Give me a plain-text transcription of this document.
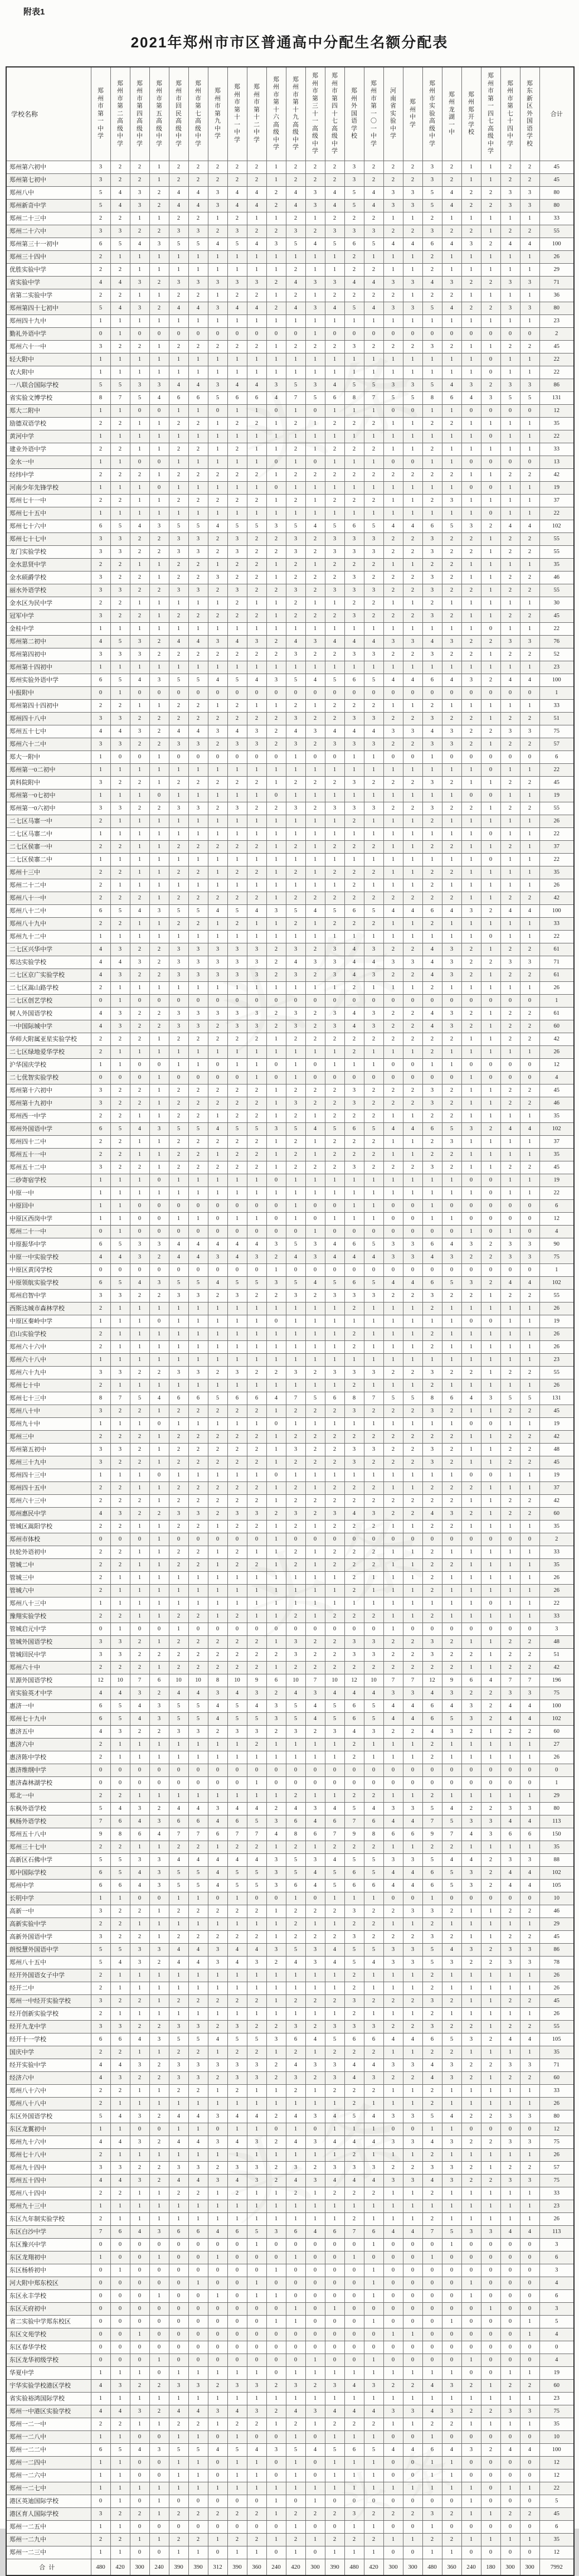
附表1
2021年郑州市市区普通高中分配生名额分配表
学校名称	郑州市第一中学	郑州市第二高级中学	郑州市第四高级中学	郑州市第五高级中学	郑州市回民高级中学	郑州市第七高级中学	郑州市第九中学	郑州市第十一中学	郑州市第十二中学	郑州市第十六高级中学	郑州市第十九高级中学	郑州市第三十一高级中学	郑州市第四十七高级中学	郑州外国语学校	郑州市第一〇一中学	河南省实验中学	郑州中学	郑州市实验高级中学	郑州龙湖一中	郑州郑开学校	郑州市第一四七高级中学	郑州市第七十四中学	郑东新区外国语学校	合计
郑州第六初中	3	2	2	1	2	2	2	2	2	1	2	2	2	3	2	2	2	3	2	1	1	2	2	45
郑州第七初中	3	2	2	1	2	2	2	2	2	1	2	2	2	3	2	2	2	3	2	1	1	2	2	45
郑州八中	5	4	3	2	4	4	3	4	4	2	4	3	4	5	4	3	3	5	4	2	2	3	3	80
郑州新奇中学	5	4	3	2	4	4	3	4	4	2	4	3	4	5	4	3	3	5	4	2	2	3	3	80
郑州二十三中	2	2	1	1	2	2	1	2	1	1	2	1	2	2	2	1	1	2	1	1	1	1	1	33
郑州二十六中	3	3	2	2	3	3	2	3	2	2	3	2	3	3	3	2	2	3	2	2	1	2	2	55
郑州第三十一初中	6	5	4	3	5	5	4	5	4	3	5	4	5	6	5	4	4	6	4	3	2	4	4	100
郑州三十四中	2	1	1	1	1	1	1	1	1	1	1	1	1	2	1	1	1	2	1	1	1	1	1	26
优胜实验中学	2	2	1	1	1	1	1	1	1	1	2	1	1	2	2	1	1	2	1	1	1	1	1	29
省实验中学	4	4	3	2	3	3	3	3	3	2	4	3	3	4	4	3	3	4	3	2	2	3	3	71
省第二实验中学	2	2	1	1	2	2	1	2	2	1	2	1	2	2	2	2	1	2	2	1	1	1	1	36
郑州第四十七初中	5	4	3	2	4	4	3	4	4	2	4	3	4	5	4	3	3	5	4	2	2	3	3	80
郑州四十九中	1	1	1	1	1	1	1	1	1	1	1	1	1	1	1	1	1	1	1	1	1	1	1	23
勤礼外语中学	0	1	0	0	0	0	0	0	0	0	0	1	0	0	0	0	0	0	0	0	0	0	0	2
郑州六十一中	3	2	2	1	2	2	2	2	2	1	2	2	2	3	2	2	2	3	2	1	1	2	2	45
轻大附中	1	1	1	1	1	1	1	1	1	1	1	1	1	1	1	1	1	1	1	1	0	1	1	22
农大附中	1	1	1	1	1	1	1	1	1	1	1	1	1	1	1	1	1	1	1	1	0	1	1	22
一八联合国际学校	5	5	3	3	4	4	3	4	4	3	5	3	4	5	5	3	3	5	4	3	2	3	3	86
省实验文博学校	8	7	5	4	6	6	5	6	6	4	7	5	6	8	7	5	5	8	6	4	3	5	5	131
郑大二附中	1	1	0	0	1	1	0	1	1	0	1	0	1	1	1	0	0	1	1	0	0	0	0	12
励德双语学校	2	2	1	1	2	2	1	2	2	1	2	1	2	2	2	1	1	2	2	1	1	1	1	35
黄河中学	1	1	1	1	1	1	1	1	1	1	1	1	1	1	1	1	1	1	1	1	0	1	1	22
建业外语中学	2	2	1	1	2	2	1	2	1	1	2	1	2	2	2	1	1	2	1	1	1	1	1	33
金水一中	1	1	0	0	1	1	1	1	1	0	1	0	1	1	1	0	0	1	1	0	0	0	0	13
经纬中学	2	2	2	1	2	2	2	2	2	1	2	2	2	2	2	2	2	2	2	1	1	2	2	42
河南少年先锋学校	1	1	1	0	1	1	1	1	1	0	1	1	1	1	1	1	1	1	1	0	0	1	1	19
郑州七十一中	2	2	1	1	2	2	2	2	2	1	2	1	2	2	2	1	1	2	3	1	1	1	1	37
郑州七十五中	1	1	1	1	1	1	1	1	1	1	1	1	1	1	1	1	1	1	1	1	0	1	1	22
郑州七十六中	6	5	4	3	5	5	4	5	5	3	5	4	5	6	5	4	4	6	5	3	2	4	4	102
郑州七十七中	3	3	2	2	3	3	2	3	2	2	3	2	3	3	3	2	2	3	2	2	1	2	2	55
龙门实验学校	3	3	2	2	3	3	2	3	2	2	3	2	3	3	3	2	2	3	2	2	1	2	2	55
金水思贤中学	2	2	1	1	2	2	1	2	2	1	2	1	2	2	2	1	1	2	2	1	1	1	1	35
金水硕爵学校	3	2	2	1	2	2	3	2	2	1	2	2	2	3	2	2	2	3	2	1	1	2	2	46
丽水外语学校	3	3	2	2	3	3	2	3	2	2	3	2	3	3	3	2	2	3	2	2	1	2	2	55
金水区为民中学	2	2	1	1	1	1	1	2	1	1	2	1	1	2	2	1	1	2	1	1	1	1	1	30
冠军中学	3	2	2	1	2	2	2	2	2	1	2	2	2	3	2	2	2	3	2	1	1	2	2	45
金桂中学	1	1	1	1	1	1	1	1	1	1	1	1	1	1	1	1	1	1	1	1	0	1	1	22
郑州第二初中	4	5	3	2	4	4	3	4	3	2	4	3	4	4	4	3	3	4	3	2	2	3	3	76
郑州第四初中	3	3	3	2	2	2	2	2	2	2	3	2	2	3	3	2	2	3	2	2	1	2	2	52
郑州第十四初中	1	1	1	1	1	1	1	1	1	1	1	1	1	1	1	1	1	1	1	1	1	1	1	23
郑州实验外语中学	6	5	4	3	5	5	4	5	4	3	5	4	5	6	5	4	4	6	4	3	2	4	4	100
中报附中	0	1	0	0	0	0	0	0	0	0	0	0	0	0	0	0	0	0	0	0	0	0	0	1
郑州第四十四初中	2	2	1	1	2	2	1	2	1	1	2	1	2	2	2	1	1	2	1	1	1	1	1	33
郑州四十八中	3	3	2	2	2	2	2	2	2	2	3	2	2	3	3	2	2	3	2	2	1	2	2	51
郑州五十七中	4	4	3	2	4	4	3	4	3	2	4	3	4	4	4	3	3	4	3	2	2	3	3	75
郑州六十二中	3	3	2	2	3	3	2	3	3	2	3	2	3	3	3	2	2	3	3	2	1	2	2	57
郑大一附中	1	0	0	1	0	0	0	0	0	0	1	0	0	1	1	0	0	1	0	0	0	0	0	6
郑州第一0二初中	1	1	1	1	1	1	1	1	1	1	1	1	1	1	1	1	1	1	1	1	0	1	1	22
黄科院附中	3	2	2	1	2	2	2	2	2	1	2	2	2	3	2	2	2	3	2	1	1	2	2	45
郑州第一0七初中	1	1	1	0	1	1	1	1	1	0	1	1	1	1	1	1	1	1	1	0	0	1	1	19
郑州第一0六初中	3	3	2	2	3	3	2	3	2	2	3	2	3	3	3	2	2	3	2	2	1	2	2	55
二七区马寨一中	2	1	1	1	1	1	1	1	1	1	1	1	1	2	1	1	1	2	1	1	1	1	1	26
二七区马寨二中	1	1	1	1	1	1	1	1	1	1	1	1	1	1	1	1	1	1	1	1	0	1	1	22
二七区侯寨一中	2	2	1	1	2	2	2	2	2	1	2	1	2	2	2	1	1	2	2	1	1	2	1	37
二七区侯寨二中	1	1	1	1	1	1	1	1	1	1	1	1	1	1	1	1	1	1	1	1	0	1	1	22
郑州十三中	2	2	1	1	2	2	1	2	2	1	2	1	2	2	2	1	1	2	2	1	1	1	1	35
郑州二十二中	2	1	1	1	1	1	1	1	1	1	1	1	1	2	1	1	1	2	1	1	1	1	1	26
郑州八十一中	2	2	2	1	2	2	2	2	2	1	2	2	2	2	2	2	2	2	2	1	1	2	2	42
郑州八十二中	6	5	4	3	5	5	4	5	4	3	5	4	5	6	5	4	4	6	4	3	2	4	4	100
郑州八十九中	2	2	1	1	2	2	1	2	1	1	2	1	2	2	2	1	1	2	1	1	1	1	1	33
郑州九十二中	1	1	1	1	1	1	1	1	1	1	1	1	1	1	1	1	1	1	1	1	0	1	1	22
二七区兴华中学	4	3	2	2	3	3	3	3	3	2	3	2	3	4	3	2	2	4	3	2	1	2	2	61
郑达实验学校	4	4	3	2	3	3	3	3	3	2	4	3	3	4	4	3	3	4	3	2	2	3	3	71
二七区京广实验学校	4	3	2	2	3	3	3	3	3	2	3	2	3	4	3	2	2	4	3	2	1	2	2	61
二七区嵩山路学校	2	1	1	1	1	1	1	1	1	1	1	1	1	2	1	1	1	2	1	1	1	1	1	26
二七区创艺学校	0	1	0	0	0	0	0	0	0	0	0	0	0	0	0	0	0	0	0	0	0	0	0	1
树人外国语学校	4	3	2	2	3	3	3	3	3	2	3	2	3	4	3	2	2	4	3	2	1	2	2	61
一中国际城中学	4	3	2	2	3	3	2	3	3	2	3	2	3	4	3	2	2	4	3	2	1	2	2	60
华师大附属亚星实验学校	2	2	2	1	2	2	2	2	2	1	2	2	2	2	2	2	2	2	2	1	1	2	2	42
二七区绿地爱华学校	2	1	1	1	1	1	1	1	1	1	1	1	1	2	1	1	1	2	1	1	1	1	1	26
沪华国庆学校	1	1	0	0	1	1	0	1	1	0	1	0	1	1	1	0	0	1	1	0	0	0	0	12
二七优智实验学校	0	0	0	1	0	0	0	0	1	0	1	0	0	0	0	0	0	0	0	1	0	0	0	4
郑州第十六初中	3	2	2	1	2	2	2	2	2	1	2	2	2	3	2	2	2	3	2	1	1	2	2	45
郑州第十九初中	3	2	2	1	2	2	2	2	2	1	3	2	2	3	2	2	2	3	2	1	1	2	2	46
郑州西一中学	2	2	1	1	2	2	1	2	2	1	2	1	2	2	2	1	1	2	2	1	1	1	1	35
郑州外国语中学	6	5	4	3	5	5	4	5	5	3	5	4	5	6	5	4	4	6	5	3	2	4	4	102
郑州四十二中	2	2	1	1	2	2	2	2	2	1	2	1	2	2	2	1	1	2	3	1	1	1	1	37
郑州五十一中	2	2	1	1	2	2	1	2	2	1	2	1	2	2	2	1	1	2	2	1	1	1	1	35
郑州五十二中	3	2	2	1	2	2	2	2	2	1	2	2	2	3	2	2	2	3	2	1	1	2	2	45
二砂寄宿学校	1	1	1	0	1	1	1	1	1	0	1	1	1	1	1	1	1	1	1	0	0	1	1	19
中原一中	1	1	1	1	1	1	1	1	1	1	1	1	1	1	1	1	1	1	1	1	0	1	1	22
中原回中	1	1	0	0	0	0	0	0	0	0	1	0	0	1	1	0	0	1	0	0	0	0	0	6
中原区西岗中学	1	1	0	0	1	1	0	1	1	0	1	0	1	1	1	0	0	1	1	0	0	0	0	12
郑州二十一中	0	1	0	0	0	0	0	0	0	0	0	1	0	0	0	0	0	0	0	1	0	1	0	4
中原振华中学	6	5	3	3	4	4	4	4	4	3	5	3	4	6	5	3	3	6	4	3	2	3	3	90
中原一中实验学校	4	4	3	2	4	4	3	4	3	2	4	3	4	4	4	3	3	4	3	2	2	3	3	75
中原区黄冈学校	0	0	0	0	0	0	0	0	0	1	0	0	0	0	0	0	0	0	0	0	0	0	0	1
中原领航实验学校	6	5	4	3	5	5	4	5	5	3	5	4	5	6	5	4	4	6	5	3	2	4	4	102
郑州启智中学	3	3	2	2	3	3	2	3	2	2	3	2	3	3	3	2	2	3	2	2	1	2	2	55
西斯达城市森林学校	2	1	1	1	1	1	1	1	1	1	1	1	1	2	1	1	1	2	1	1	1	1	1	26
中原区秦岭中学	1	1	1	0	1	1	1	1	1	0	1	1	1	1	1	1	1	1	1	0	0	1	1	19
启山实验学校	2	1	1	1	1	1	1	1	1	1	1	1	1	2	1	1	1	2	1	1	1	1	1	26
郑州六十六中	2	1	1	1	1	1	1	1	1	1	1	1	1	2	1	1	1	2	1	1	1	1	1	26
郑州六十八中	1	1	1	1	1	1	1	1	1	1	1	1	1	1	1	1	1	1	1	1	1	1	1	23
郑州六十九中	3	3	2	2	3	3	2	3	2	2	3	2	3	3	3	2	2	3	2	2	1	2	2	55
郑州七十中	2	1	1	1	1	1	1	1	1	1	1	1	1	2	1	1	1	2	1	1	1	1	1	26
郑州七十三中	8	7	5	4	6	6	5	6	6	4	7	5	6	8	7	5	5	8	6	4	3	5	5	131
郑州八十中	3	2	2	1	2	2	2	2	2	1	2	2	2	3	2	2	2	3	2	1	1	2	2	45
郑州九十中	1	1	1	0	1	1	1	1	1	0	1	1	1	1	1	1	1	1	1	0	0	1	1	19
郑州三中	2	2	2	1	2	2	2	2	2	1	2	2	2	2	2	2	2	2	2	1	1	2	2	42
郑州第五初中	3	3	2	1	2	2	2	2	2	1	3	2	2	3	3	2	2	3	2	1	1	2	2	48
郑州三十九中	3	2	2	1	2	2	2	2	2	1	2	2	2	3	2	2	2	3	2	1	1	2	2	45
郑州四十三中	1	1	1	0	1	1	1	1	1	0	1	1	1	1	1	1	1	1	1	0	0	1	1	19
郑州四十五中	2	2	1	1	2	2	2	2	2	1	2	1	2	2	2	1	1	2	2	2	1	1	1	37
郑州六十三中	2	2	2	1	2	2	2	2	2	1	2	2	2	2	2	2	2	2	2	1	1	2	2	42
郑州惠民中学	4	3	2	2	3	3	2	3	3	2	3	2	3	4	3	2	2	4	3	2	1	2	2	60
管城区嵩阳学校	2	2	1	1	2	2	1	2	2	1	2	1	2	2	2	1	1	2	2	1	1	1	1	35
郑州市体校	0	0	0	1	0	0	0	0	0	1	0	0	0	0	0	0	0	0	0	0	0	0	0	2
扶轮外语初中	2	2	1	1	2	2	1	2	1	1	2	1	2	2	2	1	1	2	1	1	1	1	1	33
管城二中	2	2	1	1	2	2	1	2	2	1	2	1	2	2	2	1	1	2	2	1	1	1	1	35
管城三中	2	1	1	1	1	1	1	1	1	1	1	1	1	2	1	1	1	2	1	1	1	1	1	26
管城六中	2	1	1	1	1	1	1	1	1	1	1	1	1	2	1	1	1	2	1	1	1	1	1	26
郑州八十三中	1	1	1	1	1	1	1	1	1	1	1	1	1	1	1	1	1	1	1	1	0	1	1	22
豫翔实验学校	2	2	1	1	2	2	1	2	1	1	2	1	2	2	2	1	1	2	1	1	1	1	1	33
管城启元中学	0	1	0	0	1	0	0	0	0	0	0	0	0	0	0	1	0	0	0	0	0	0	0	3
管城外国语学校	3	3	2	1	2	2	2	2	2	1	3	2	2	3	3	2	2	3	2	1	1	2	2	48
管城回民中学	3	3	2	2	2	2	2	2	2	2	3	2	2	3	3	2	2	3	2	2	1	2	2	51
郑州六十中	2	2	2	1	2	2	2	2	2	1	2	2	2	2	2	2	2	2	2	1	1	2	2	42
星源外国语学校	12	10	7	6	10	10	8	10	9	6	10	7	10	12	10	7	7	12	9	6	4	7	7	196
省实验英才中学	4	4	3	2	4	4	3	4	3	2	4	3	4	4	4	3	3	4	3	2	2	3	3	75
惠济一中	6	5	4	3	5	5	4	5	4	3	5	4	5	6	5	4	4	6	4	3	2	4	4	100
郑州七十九中	6	5	4	3	5	5	4	5	5	3	5	4	5	6	5	4	4	6	5	3	2	4	4	102
惠济五中	4	3	2	2	3	3	2	3	3	2	3	2	3	4	3	2	2	4	3	2	1	2	2	60
惠济六中	2	1	1	1	1	1	1	1	2	1	1	1	1	2	1	1	1	2	1	1	1	1	1	27
惠济陈中学校	2	1	1	1	1	1	1	1	1	1	1	1	1	2	1	1	1	2	1	1	1	1	1	26
惠济维纲中学	0	0	0	0	0	0	0	0	0	0	0	0	0	0	0	0	0	0	0	0	0	0	0	0
惠济森林湖学校	0	0	0	0	0	0	0	0	1	0	0	0	0	0	0	0	0	0	0	0	0	0	0	1
郑北一中	2	2	1	1	1	1	1	1	1	1	2	1	1	2	2	1	1	2	1	1	1	1	1	29
东枫外语学校	5	4	3	2	4	4	3	4	4	2	4	3	4	5	4	3	3	5	4	2	2	3	3	80
枫杨外语学校	7	6	4	3	6	6	4	6	5	3	6	4	6	7	6	4	4	7	5	3	3	4	4	113
郑州五十八中	9	8	6	4	7	7	6	7	7	4	8	6	7	9	8	6	6	9	7	4	3	6	6	150
郑州三十七中	2	2	1	1	2	2	1	2	2	1	2	1	2	2	2	1	1	2	2	1	1	1	1	35
高新区石佛中学	5	5	3	3	4	4	4	4	4	3	5	3	4	5	5	3	3	5	4	4	2	3	3	88
郑中国际学校	6	5	4	3	5	5	4	5	5	3	5	4	5	6	5	4	4	6	5	3	2	4	4	102
郑州中学	6	6	4	3	5	5	4	5	5	3	6	4	5	6	6	4	4	6	5	3	2	4	4	105
长明中学	1	1	0	0	1	1	0	1	0	0	1	0	1	1	1	0	0	1	0	0	0	0	0	10
高新一中	3	2	2	1	2	2	2	2	2	1	2	2	2	3	2	2	3	3	2	1	1	2	2	46
高新实验中学	2	2	1	1	1	1	1	1	1	1	2	1	1	2	2	1	1	2	1	1	1	1	1	29
高新外国语中学	3	2	2	1	2	2	2	2	2	1	2	2	2	3	2	2	2	3	2	1	1	2	2	45
朗悦慧外国语中学	5	5	3	3	4	4	3	4	4	3	5	3	4	5	5	3	3	5	4	3	2	3	3	86
郑州八十五中	5	4	3	2	4	4	3	4	3	2	4	3	4	5	4	3	3	5	3	2	2	3	3	78
经开外国语女子中学	2	1	1	1	1	1	1	1	1	1	1	1	1	2	1	1	1	2	1	1	1	1	1	26
经开二中	2	1	1	1	1	1	1	1	1	1	1	1	1	2	1	1	1	2	1	1	1	1	1	26
郑州一中经开实验学校	3	2	2	1	2	2	2	2	2	1	2	2	2	3	2	2	2	3	2	1	1	2	2	45
经开创新实验学校	2	1	1	1	1	1	1	1	1	1	1	1	1	2	1	1	1	2	1	1	1	1	1	26
经开九龙中学	3	3	2	2	3	3	2	3	2	2	3	2	3	3	3	2	2	3	2	2	1	2	2	55
经开十一学校	6	6	4	3	5	5	4	5	5	3	6	4	5	6	6	4	4	6	5	3	2	4	4	105
国庆中学	2	2	1	1	2	2	1	2	2	1	2	1	2	2	2	1	1	2	2	1	1	1	1	35
经开实验中学	4	4	3	2	3	3	3	3	3	2	4	3	3	4	4	3	3	4	3	2	2	3	3	71
经济六中	4	3	2	2	3	3	2	3	3	2	3	2	3	4	3	2	2	4	3	2	1	2	2	60
郑州八十六中	2	2	1	1	2	2	1	2	1	1	2	1	2	2	2	1	1	2	1	1	1	1	1	33
郑州八十八中	2	1	1	1	1	1	1	1	1	1	1	1	1	2	1	1	1	2	1	1	1	1	1	26
东区外国语学校	5	4	3	2	4	4	3	4	4	2	4	3	4	5	4	3	3	5	4	2	2	3	3	80
东区龙翼初中	1	1	0	0	1	1	0	1	1	0	1	0	1	1	1	0	0	1	1	0	0	0	0	12
郑州九十六中	4	4	3	2	4	4	3	4	3	2	4	3	4	4	4	3	3	4	3	2	2	3	3	75
郑州七十八中	2	1	1	1	1	1	1	1	1	1	1	1	1	2	1	1	1	2	1	1	1	1	1	26
郑州九十四中	3	3	2	2	3	3	2	3	3	2	3	2	3	3	3	2	2	3	3	2	1	2	2	57
郑州五十四中	4	4	3	2	4	4	3	4	3	2	4	3	4	4	4	3	3	4	3	2	2	3	3	75
郑州八十四中	2	2	1	1	2	2	1	2	1	1	2	1	2	2	2	1	1	2	1	1	1	1	1	33
郑州九十三中	1	1	1	1	1	1	1	1	1	1	1	1	1	1	1	1	1	1	1	1	1	1	1	23
东区九年制实验学校	2	1	1	1	1	1	1	1	1	1	1	1	1	2	1	1	1	2	1	1	1	1	1	26
东区白沙中学	7	6	4	3	6	6	4	6	5	3	6	4	6	7	6	4	4	7	5	3	3	4	4	113
东区豫兴中学	0	0	0	0	0	0	0	0	1	0	0	0	0	0	1	0	0	0	1	0	0	0	0	3
东区龙翔初中	1	0	0	1	0	0	1	0	0	0	1	0	0	1	0	0	0	1	0	0	0	0	0	6
东区杨桥初中	0	1	0	0	0	0	0	0	0	1	0	0	0	0	1	0	0	0	0	0	0	0	0	3
河大附中郑东校区	0	0	0	0	0	1	0	0	1	0	0	0	0	0	1	0	0	0	0	1	0	0	0	4
东区永丰学校	0	0	0	1	0	0	1	0	1	1	0	0	0	0	1	0	0	0	0	1	0	0	0	6
东区天府初中	0	0	0	0	0	0	0	0	0	0	1	0	1	0	0	0	0	0	0	0	1	0	0	3
省二实验中学郑东校区	0	0	0	0	0	0	0	0	0	1	1	0	0	0	1	0	0	0	1	0	0	0	1	5
东区文苑学校	0	0	1	0	0	0	0	0	0	0	0	0	0	0	0	1	1	0	0	0	0	0	1	4
东区春华学校	0	0	0	0	0	0	0	0	0	0	0	0	0	0	0	0	0	0	0	0	0	0	0	0
东区龙华初级学校	0	0	0	1	0	0	0	0	0	0	0	1	0	0	1	0	0	0	0	1	0	0	0	4
华夏中学	1	1	1	0	1	1	1	1	1	0	1	1	1	1	1	1	1	1	1	0	0	1	1	19
宇华实验学校港区学校	4	3	2	2	3	3	2	3	3	2	3	2	3	4	3	2	2	4	3	2	1	2	2	60
省实验裕鸿国际学校	1	1	1	1	1	1	1	1	1	1	1	1	1	1	1	1	1	1	1	1	1	1	1	23
郑州一中港区实验学校	4	4	3	2	4	4	3	4	3	2	4	3	4	4	4	3	3	4	3	2	2	3	3	75
郑州一二一中	2	2	1	1	2	2	1	2	2	1	2	1	2	2	2	1	1	2	2	1	1	1	1	35
郑州一二八中	1	1	0	0	1	1	0	1	0	0	1	0	1	1	1	0	0	1	0	0	0	0	0	10
郑州一二二中	6	5	4	3	5	5	4	5	4	3	5	4	5	6	5	4	4	6	4	3	2	4	4	100
郑州一二四中	1	1	0	0	1	1	0	1	1	0	1	0	1	1	1	0	0	1	1	0	0	0	0	12
郑州一二六中	1	1	0	0	1	1	0	1	1	0	1	0	1	1	1	0	0	1	1	0	0	0	0	12
郑州一二七中	1	1	1	1	1	1	1	1	1	1	1	1	1	1	1	1	1	1	1	1	0	1	1	22
港区英迪国际学校	0	1	0	1	0	0	0	0	0	1	0	1	0	0	0	0	0	0	0	1	0	0	0	5
港区育人国际学校	3	2	2	1	2	2	2	2	2	1	2	2	2	3	2	2	2	3	2	1	1	2	2	45
郑州一二五中	1	1	0	0	0	0	0	0	0	0	1	0	0	1	1	0	0	1	0	0	0	0	0	6
郑州一二九中	2	2	1	1	2	2	1	2	2	1	2	1	2	2	2	1	1	2	2	1	1	1	1	35
郑州一二三中	1	1	0	0	1	1	0	1	1	0	1	0	1	1	1	0	0	1	1	0	0	0	0	12
合计	480	420	300	240	390	390	312	390	360	240	420	300	390	480	420	300	300	480	360	240	180	300	300	7992
